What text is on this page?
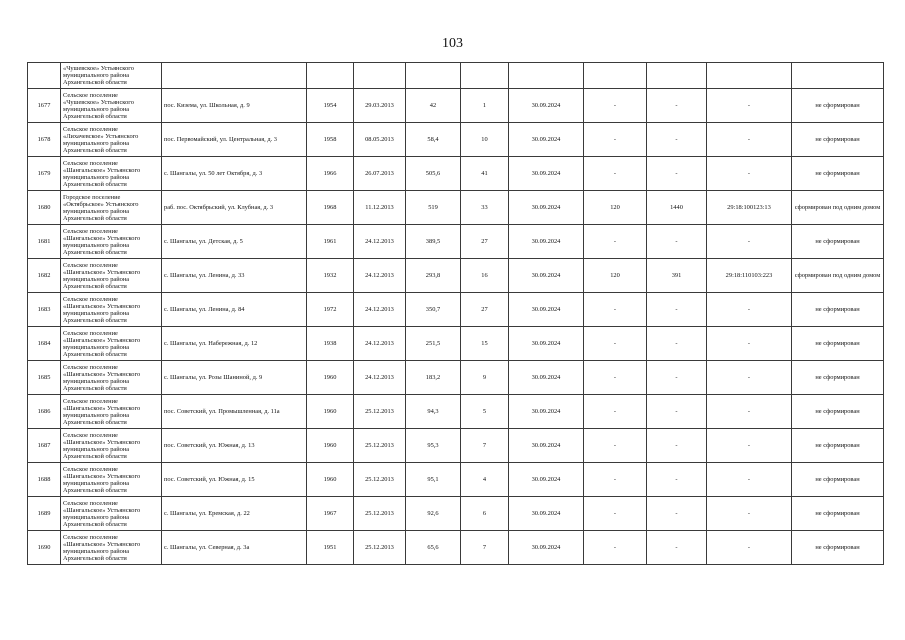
103

	«Чушевское» Устьянского
муниципального района
Архангельской области										

1677	Сельское поселение
«Чушевское» Устьянского
муниципального района
Архангельской области	пос. Кизема, ул. Школьная, д. 9	1954	29.03.2013	42	1	30.09.2024	-	-	-	не сформирован
1678	Сельское поселение
«Лихачевское» Устьянского
муниципального района
Архангельской области	пос. Первомайский, ул. Центральная, д. 3	1958	08.05.2013	58,4	10	30.09.2024	-	-	-	не сформирован
1679	Сельское поселение
«Шангальское» Устьянского
муниципального района
Архангельской области	с. Шангалы, ул. 50 лет Октября, д. 3	1966	26.07.2013	505,6	41	30.09.2024	-	-	-	не сформирован
1680	Городское поселение
«Октябрьское» Устьянского
муниципального района
Архангельской области	раб. пос. Октябрьский, ул. Клубная, д. 3	1968	11.12.2013	519	33	30.09.2024	120	1440	29:18:100123:13	сформирован под одним домом
1681	Сельское поселение
«Шангальское» Устьянского
муниципального района
Архангельской области	с. Шангалы, ул. Детская, д. 5	1961	24.12.2013	389,5	27	30.09.2024	-	-	-	не сформирован
1682	Сельское поселение
«Шангальское» Устьянского
муниципального района
Архангельской области	с. Шангалы, ул. Ленина, д. 33	1932	24.12.2013	293,8	16	30.09.2024	120	391	29:18:110103:223	сформирован под одним домом
1683	Сельское поселение
«Шангальское» Устьянского
муниципального района
Архангельской области	с. Шангалы, ул. Ленина, д. 84	1972	24.12.2013	350,7	27	30.09.2024	-	-	-	не сформирован
1684	Сельское поселение
«Шангальское» Устьянского
муниципального района
Архангельской области	с. Шангалы, ул. Набережная, д. 12	1938	24.12.2013	251,5	15	30.09.2024	-	-	-	не сформирован
1685	Сельское поселение
«Шангальское» Устьянского
муниципального района
Архангельской области	с. Шангалы, ул. Розы Шаниной, д. 9	1960	24.12.2013	183,2	9	30.09.2024	-	-	-	не сформирован
1686	Сельское поселение
«Шангальское» Устьянского
муниципального района
Архангельской области	пос. Советский, ул. Промышленная, д. 11а	1960	25.12.2013	94,3	5	30.09.2024	-	-	-	не сформирован
1687	Сельское поселение
«Шангальское» Устьянского
муниципального района
Архангельской области	пос. Советский, ул. Южная, д. 13	1960	25.12.2013	95,3	7	30.09.2024	-	-	-	не сформирован
1688	Сельское поселение
«Шангальское» Устьянского
муниципального района
Архангельской области	пос. Советский, ул. Южная, д. 15	1960	25.12.2013	95,1	4	30.09.2024	-	-	-	не сформирован
1689	Сельское поселение
«Шангальское» Устьянского
муниципального района
Архангельской области	с. Шангалы, ул. Еремская, д. 22	1967	25.12.2013	92,6	6	30.09.2024	-	-	-	не сформирован
1690	Сельское поселение
«Шангальское» Устьянского
муниципального района
Архангельской области	с. Шангалы, ул. Северная, д. 3а	1951	25.12.2013	65,6	7	30.09.2024	-	-	-	не сформирован
